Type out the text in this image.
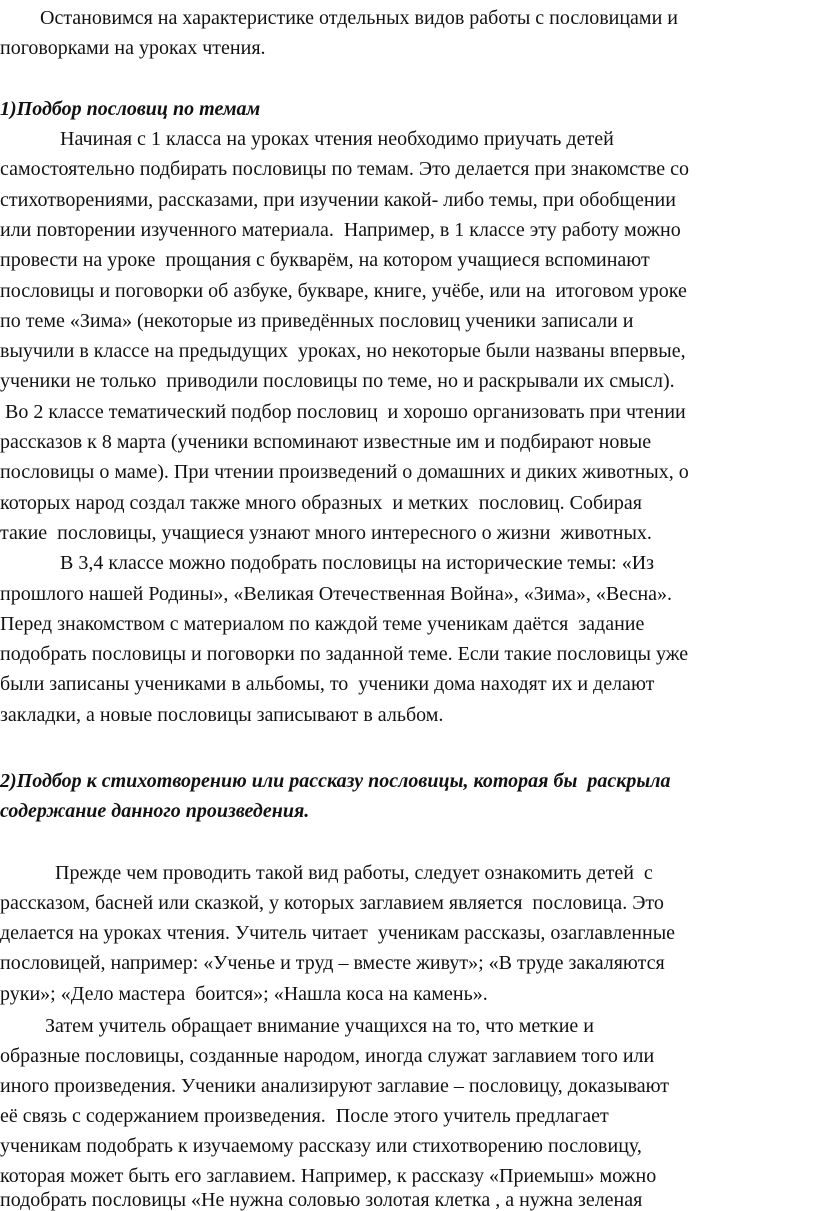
Остановимся на характеристике отдельных видов работы с пословицами и
поговорками на уроках чтения.
1)Подбор пословиц по темам
Начиная с 1 класса на уроках чтения необходимо приучать детей
самостоятельно подбирать пословицы по темам. Это делается при знакомстве со
стихотворениями, рассказами, при изучении какой- либо темы, при обобщении
или повторении изученного материала.  Например, в 1 классе эту работу можно
провести на уроке  прощания с букварём, на котором учащиеся вспоминают
пословицы и поговорки об азбуке, букваре, книге, учёбе, или на  итоговом уроке
по теме «Зима» (некоторые из приведённых пословиц ученики записали и
выучили в классе на предыдущих  уроках, но некоторые были названы впервые,
ученики не только  приводили пословицы по теме, но и раскрывали их смысл).
Во 2 классе тематический подбор пословиц  и хорошо организовать при чтении
рассказов к 8 марта (ученики вспоминают известные им и подбирают новые
пословицы о маме). При чтении произведений о домашних и диких животных, о
которых народ создал также много образных  и метких  пословиц. Собирая
такие  пословицы, учащиеся узнают много интересного о жизни  животных.
В 3,4 классе можно подобрать пословицы на исторические темы: «Из
прошлого нашей Родины», «Великая Отечественная Война», «Зима», «Весна».
Перед знакомством с материалом по каждой теме ученикам даётся  задание
подобрать пословицы и поговорки по заданной теме. Если такие пословицы уже
были записаны учениками в альбомы, то  ученики дома находят их и делают
закладки, а новые пословицы записывают в альбом.
2)Подбор к стихотворению или рассказу пословицы, которая бы  раскрыла
содержание данного произведения.
Прежде чем проводить такой вид работы, следует ознакомить детей  с
рассказом, басней или сказкой, у которых заглавием является  пословица. Это
делается на уроках чтения. Учитель читает  ученикам рассказы, озаглавленные
пословицей, например: «Ученье и труд – вместе живут»; «В труде закаляются
руки»; «Дело мастера  боится»; «Нашла коса на камень».
Затем учитель обращает внимание учащихся на то, что меткие и
образные пословицы, созданные народом, иногда служат заглавием того или
иного произведения. Ученики анализируют заглавие – пословицу, доказывают
её связь с содержанием произведения.  После этого учитель предлагает
ученикам подобрать к изучаемому рассказу или стихотворению пословицу,
которая может быть его заглавием. Например, к рассказу «Приемыш» можно
подобрать пословицы «Не нужна соловью золотая клетка , а нужна зеленая
